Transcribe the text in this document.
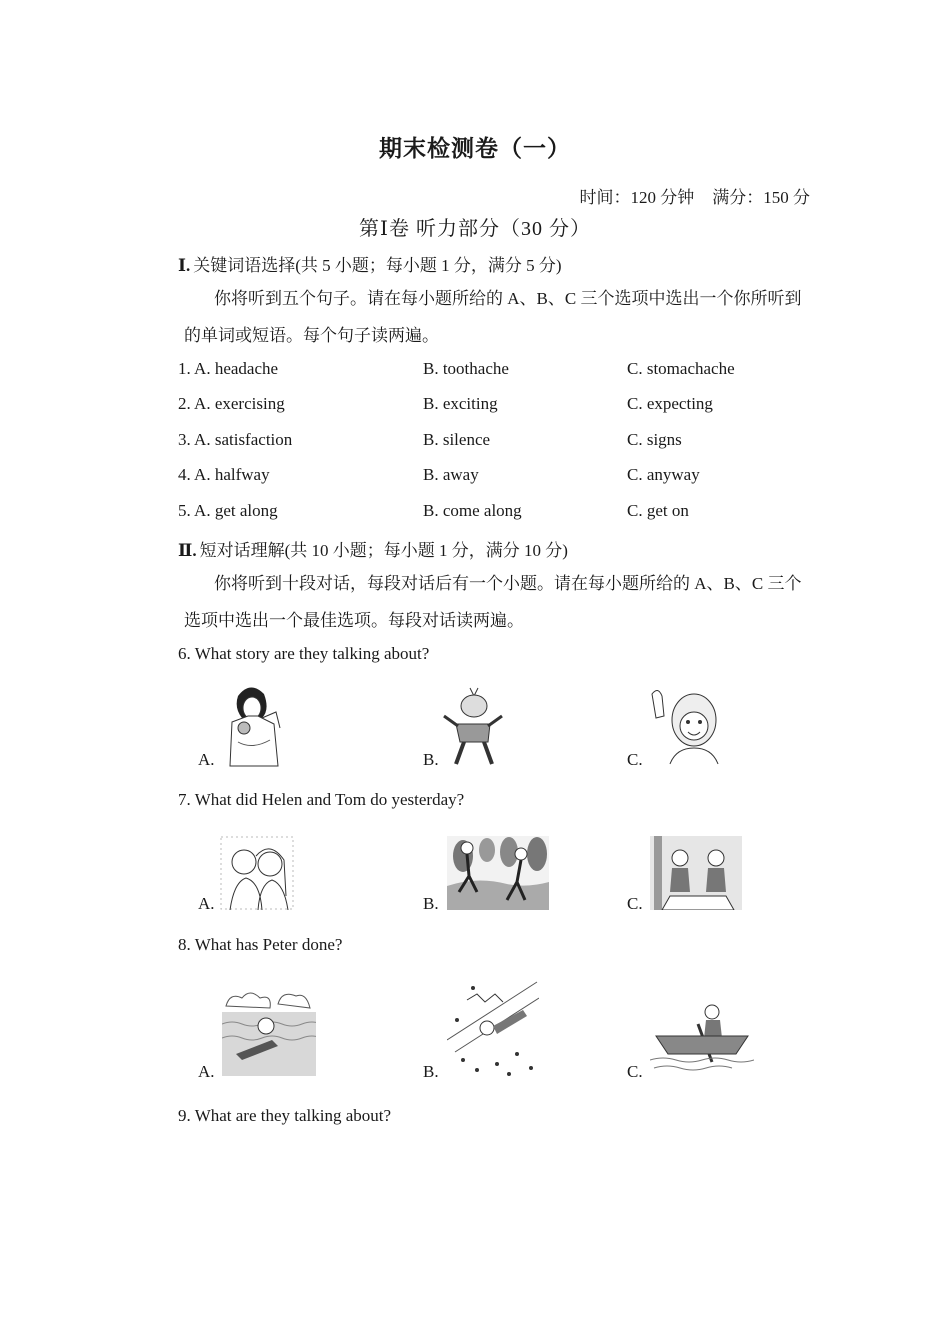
期末检测卷（一）
时间：120 分钟 满分：150 分
第Ⅰ卷 听力部分（30 分）
Ⅰ. 关键词语选择(共 5 小题；每小题 1 分，满分 5 分)
你将听到五个句子。请在每小题所给的 A、B、C 三个选项中选出一个你所听到的单词或短语。每个句子读两遍。
1. A. headache	B. toothache	C. stomachache
2. A. exercising	B. exciting	C. expecting
3. A. satisfaction	B. silence	C. signs
4. A. halfway	B. away	C. anyway
5. A. get along	B. come along	C. get on
Ⅱ. 短对话理解(共 10 小题；每小题 1 分，满分 10 分)
你将听到十段对话，每段对话后有一个小题。请在每小题所给的 A、B、C 三个选项中选出一个最佳选项。每段对话读两遍。
6. What story are they talking about?
A.	B.	C.
7. What did Helen and Tom do yesterday?
A.	B.	C.
8. What has Peter done?
A.	B.	C.
9. What are they talking about?
